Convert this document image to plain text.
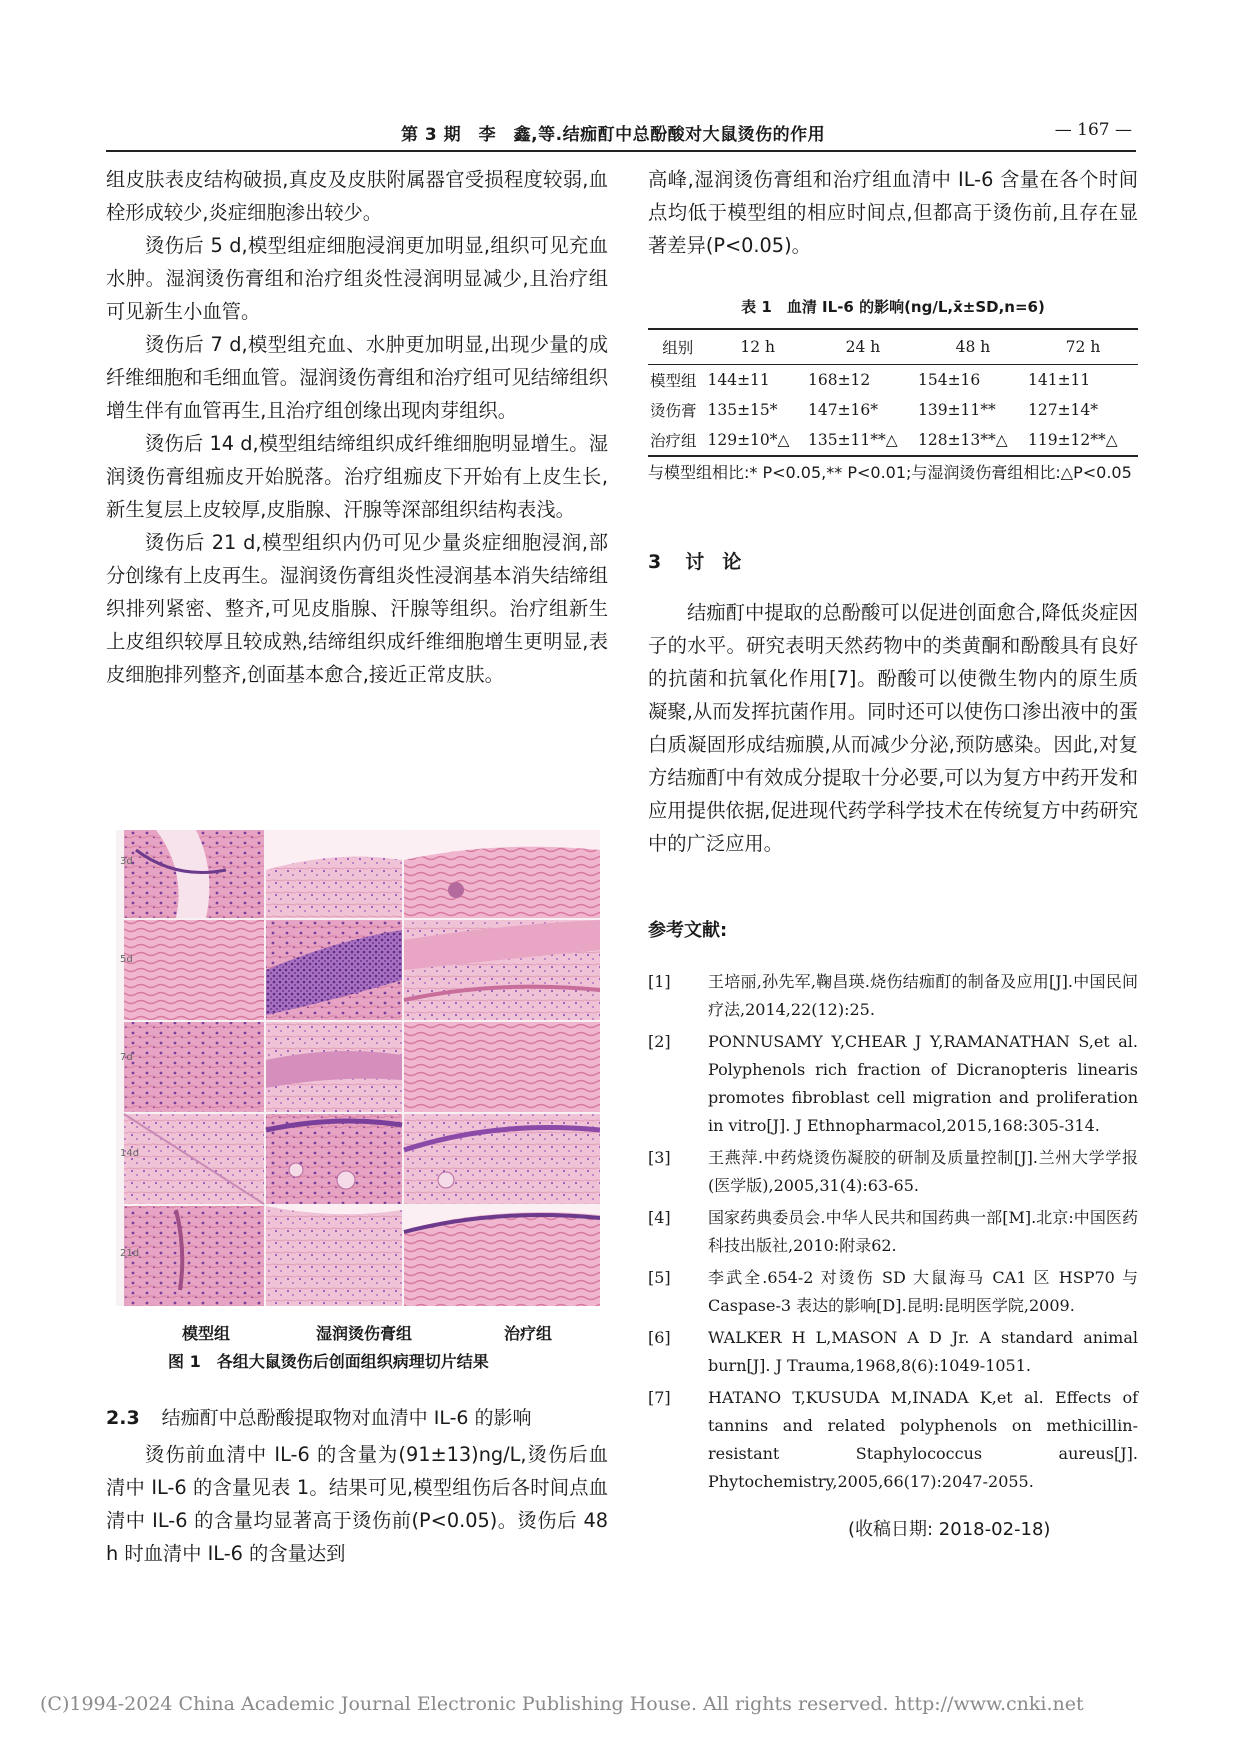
第 3 期　李　鑫,等.结痂酊中总酚酸对大鼠烫伤的作用	— 167 —

组皮肤表皮结构破损,真皮及皮肤附属器官受损程度较弱,血栓形成较少,炎症细胞渗出较少。

烫伤后 5 d,模型组症细胞浸润更加明显,组织可见充血水肿。湿润烫伤膏组和治疗组炎性浸润明显减少,且治疗组可见新生小血管。

烫伤后 7 d,模型组充血、水肿更加明显,出现少量的成纤维细胞和毛细血管。湿润烫伤膏组和治疗组可见结缔组织增生伴有血管再生,且治疗组创缘出现肉芽组织。

烫伤后 14 d,模型组结缔组织成纤维细胞明显增生。湿润烫伤膏组痂皮开始脱落。治疗组痂皮下开始有上皮生长,新生复层上皮较厚,皮脂腺、汗腺等深部组织结构表浅。

烫伤后 21 d,模型组织内仍可见少量炎症细胞浸润,部分创缘有上皮再生。湿润烫伤膏组炎性浸润基本消失结缔组织排列紧密、整齐,可见皮脂腺、汗腺等组织。治疗组新生上皮组织较厚且较成熟,结缔组织成纤维细胞增生更明显,表皮细胞排列整齐,创面基本愈合,接近正常皮肤。

高峰,湿润烫伤膏组和治疗组血清中 IL-6 含量在各个时间点均低于模型组的相应时间点,但都高于烫伤前,且存在显著差异(P<0.05)。

表 1　血清 IL-6 的影响(ng/L,x̄±SD,n=6)
组别	12 h	24 h	48 h	72 h
模型组	144±11	168±12	154±16	141±11
烫伤膏	135±15*	147±16*	139±11**	127±14*
治疗组	129±10*△	135±11**△	128±13**△	119±12**△
与模型组相比:* P<0.05,** P<0.01;与湿润烫伤膏组相比:△P<0.05
3 讨论

结痂酊中提取的总酚酸可以促进创面愈合,降低炎症因子的水平。研究表明天然药物中的类黄酮和酚酸具有良好的抗菌和抗氧化作用[7]。酚酸可以使微生物内的原生质凝聚,从而发挥抗菌作用。同时还可以使伤口渗出液中的蛋白质凝固形成结痂膜,从而减少分泌,预防感染。因此,对复方结痂酊中有效成分提取十分必要,可以为复方中药开发和应用提供依据,促进现代药学科学技术在传统复方中药研究中的广泛应用。

参考文献:
[1] 王培丽,孙先军,鞠昌瑛.烧伤结痂酊的制备及应用[J].中国民间疗法,2014,22(12):25.
[2] PONNUSAMY Y,CHEAR J Y,RAMANATHAN S,et al. Polyphenols rich fraction of Dicranopteris linearis promotes fibroblast cell migration and proliferation in vitro[J]. J Ethnopharmacol,2015,168:305-314.
[3] 王燕萍.中药烧烫伤凝胶的研制及质量控制[J].兰州大学学报(医学版),2005,31(4):63-65.
[4] 国家药典委员会.中华人民共和国药典一部[M].北京:中国医药科技出版社,2010:附录62.
[5] 李武全.654-2 对烫伤 SD 大鼠海马 CA1 区 HSP70 与 Caspase-3 表达的影响[D].昆明:昆明医学院,2009.
[6] WALKER H L,MASON A D Jr. A standard animal burn[J]. J Trauma,1968,8(6):1049-1051.
[7] HATANO T,KUSUDA M,INADA K,et al. Effects of tannins and related polyphenols on methicillin-resistant Staphylococcus aureus[J]. Phytochemistry,2005,66(17):2047-2055.
(收稿日期: 2018-02-18)
3d
5d
7d
14d
21d
模型组	湿润烫伤膏组	治疗组
图 1　各组大鼠烫伤后创面组织病理切片结果
2.3 结痂酊中总酚酸提取物对血清中 IL-6 的影响

烫伤前血清中 IL-6 的含量为(91±13)ng/L,烫伤后血清中 IL-6 的含量见表 1。结果可见,模型组伤后各时间点血清中 IL-6 的含量均显著高于烫伤前(P<0.05)。烫伤后 48 h 时血清中 IL-6 的含量达到

(C)1994-2024 China Academic Journal Electronic Publishing House. All rights reserved. http://www.cnki.net
